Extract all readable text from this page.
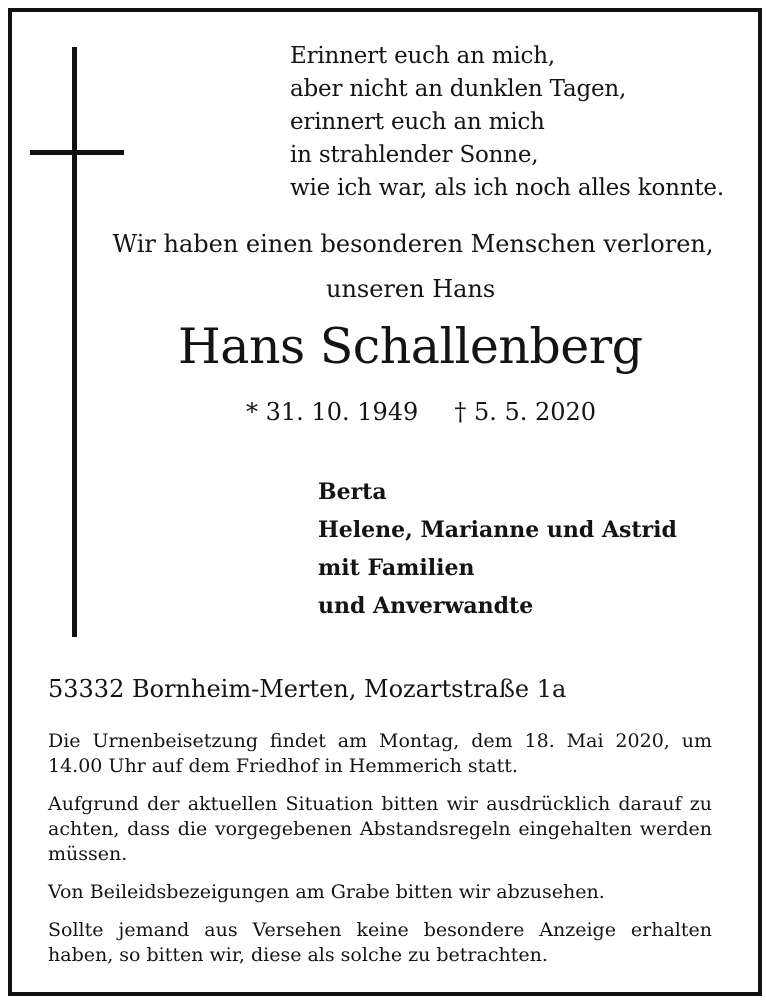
Erinnert euch an mich,
aber nicht an dunklen Tagen,
erinnert euch an mich
in strahlender Sonne,
wie ich war, als ich noch alles konnte.
Wir haben einen besonderen Menschen verloren,
unseren Hans
Hans Schallenberg
* 31. 10. 1949 † 5. 5. 2020
Berta
Helene, Marianne und Astrid
mit Familien
und Anverwandte
53332 Bornheim-Merten, Mozartstraße 1a
Die Urnenbeisetzung findet am Montag, dem 18. Mai 2020, um 14.00 Uhr auf dem Friedhof in Hemmerich statt.
Aufgrund der aktuellen Situation bitten wir ausdrücklich darauf zu achten, dass die vorgegebenen Abstandsregeln eingehalten werden müssen.
Von Beileidsbezeigungen am Grabe bitten wir abzusehen.
Sollte jemand aus Versehen keine besondere Anzeige erhalten haben, so bitten wir, diese als solche zu betrachten.
